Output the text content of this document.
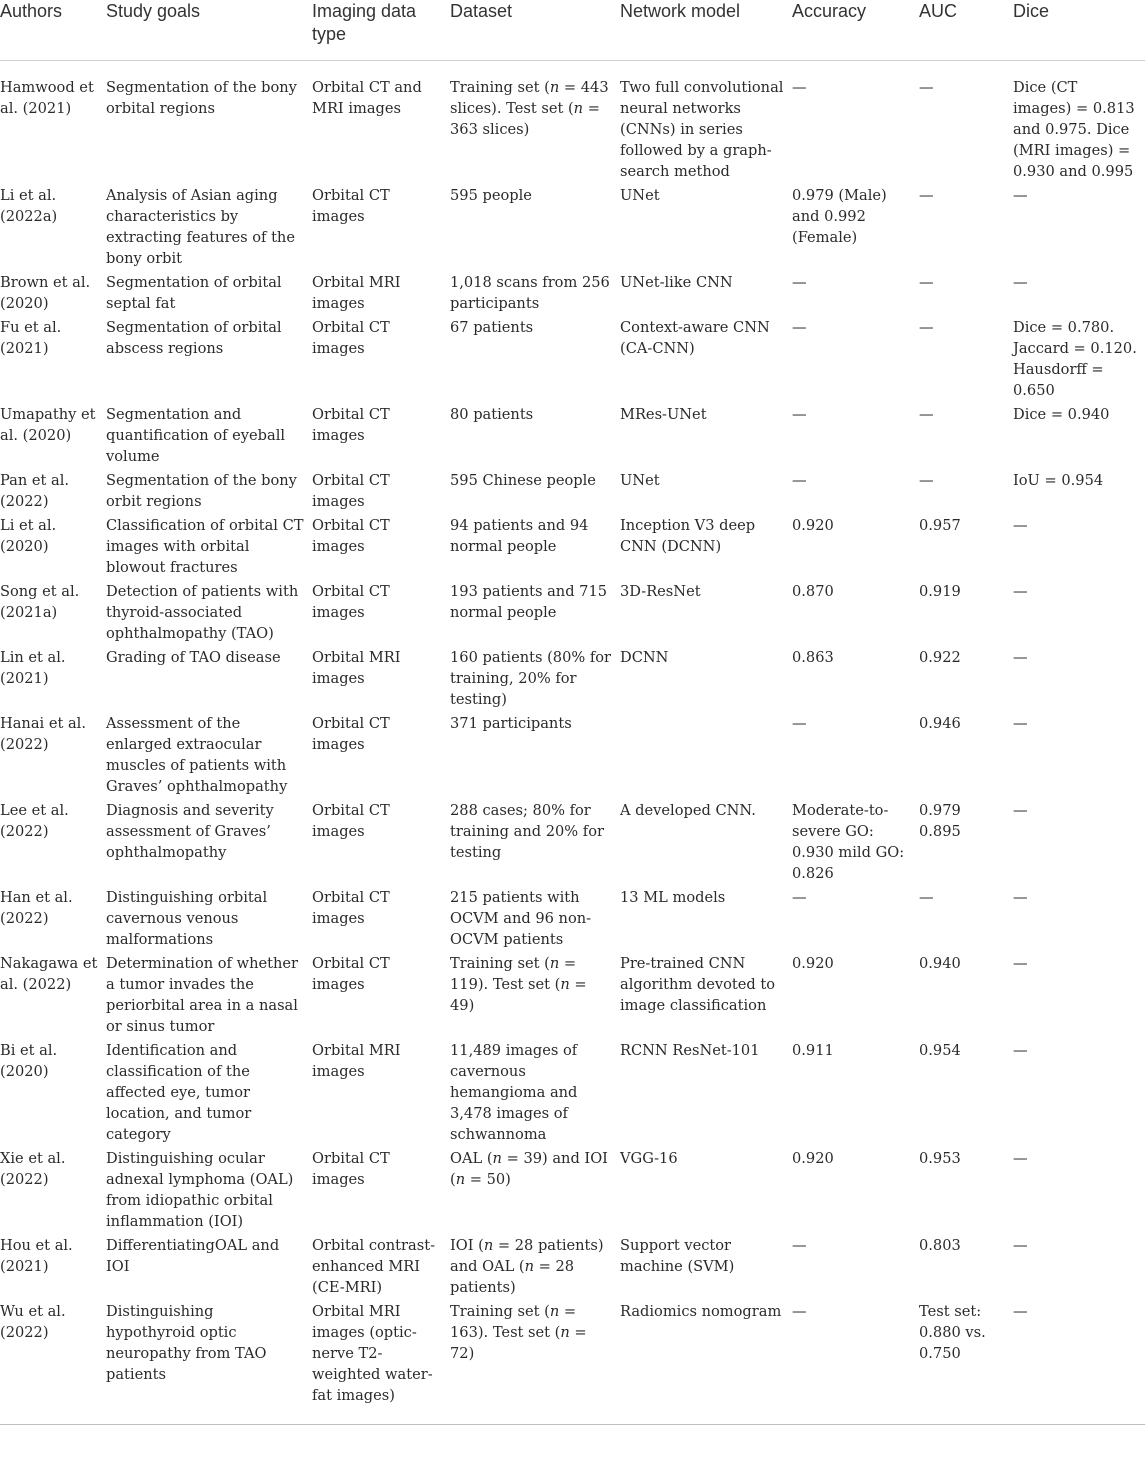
Authors	Study goals	Imaging data type	Dataset	Network model	Accuracy	AUC	Dice
Hamwood et al. (2021)	Segmentation of the bony orbital regions	Orbital CT and MRI images	Training set (n = 443 slices). Test set (n = 363 slices)	Two full convolutional neural networks (CNNs) in series followed by a graph-search method	—	—	Dice (CT images) = 0.813 and 0.975. Dice (MRI images) = 0.930 and 0.995
Li et al. (2022a)	Analysis of Asian aging characteristics by extracting features of the bony orbit	Orbital CT images	595 people	UNet	0.979 (Male) and 0.992 (Female)	—	—
Brown et al. (2020)	Segmentation of orbital septal fat	Orbital MRI images	1,018 scans from 256 participants	UNet-like CNN	—	—	—
Fu et al. (2021)	Segmentation of orbital abscess regions	Orbital CT images	67 patients	Context-aware CNN (CA-CNN)	—	—	Dice = 0.780. Jaccard = 0.120. Hausdorff = 0.650
Umapathy et al. (2020)	Segmentation and quantification of eyeball volume	Orbital CT images	80 patients	MRes-UNet	—	—	Dice = 0.940
Pan et al. (2022)	Segmentation of the bony orbit regions	Orbital CT images	595 Chinese people	UNet	—	—	IoU = 0.954
Li et al. (2020)	Classification of orbital CT images with orbital blowout fractures	Orbital CT images	94 patients and 94 normal people	Inception V3 deep CNN (DCNN)	0.920	0.957	—
Song et al. (2021a)	Detection of patients with thyroid-associated ophthalmopathy (TAO)	Orbital CT images	193 patients and 715 normal people	3D-ResNet	0.870	0.919	—
Lin et al. (2021)	Grading of TAO disease	Orbital MRI images	160 patients (80% for training, 20% for testing)	DCNN	0.863	0.922	—
Hanai et al. (2022)	Assessment of the enlarged extraocular muscles of patients with Graves’ ophthalmopathy	Orbital CT images	371 participants		—	0.946	—
Lee et al. (2022)	Diagnosis and severity assessment of Graves’ ophthalmopathy	Orbital CT images	288 cases; 80% for training and 20% for testing	A developed CNN.	Moderate-to-severe GO: 0.930 mild GO: 0.826	0.979 0.895	—
Han et al. (2022)	Distinguishing orbital cavernous venous malformations	Orbital CT images	215 patients with OCVM and 96 non-OCVM patients	13 ML models	—	—	—
Nakagawa et al. (2022)	Determination of whether a tumor invades the periorbital area in a nasal or sinus tumor	Orbital CT images	Training set (n = 119). Test set (n = 49)	Pre-trained CNN algorithm devoted to image classification	0.920	0.940	—
Bi et al. (2020)	Identification and classification of the affected eye, tumor location, and tumor category	Orbital MRI images	11,489 images of cavernous hemangioma and 3,478 images of schwannoma	RCNN ResNet-101	0.911	0.954	—
Xie et al. (2022)	Distinguishing ocular adnexal lymphoma (OAL) from idiopathic orbital inflammation (IOI)	Orbital CT images	OAL (n = 39) and IOI (n = 50)	VGG-16	0.920	0.953	—
Hou et al. (2021)	DifferentiatingOAL and IOI	Orbital contrast-enhanced MRI (CE-MRI)	IOI (n = 28 patients) and OAL (n = 28 patients)	Support vector machine (SVM)	—	0.803	—
Wu et al. (2022)	Distinguishing hypothyroid optic neuropathy from TAO patients	Orbital MRI images (optic-nerve T2-weighted water-fat images)	Training set (n = 163). Test set (n = 72)	Radiomics nomogram	—	Test set: 0.880 vs. 0.750	—
